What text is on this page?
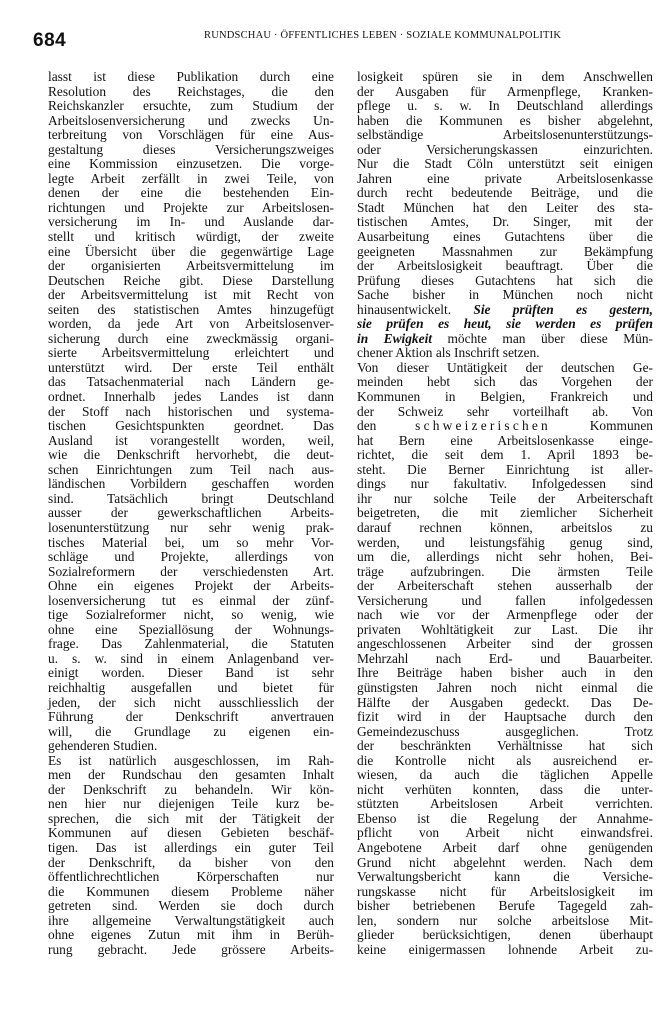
684	RUNDSCHAU · ÖFFENTLICHES LEBEN · SOZIALE KOMMUNALPOLITIK
lasst ist diese Publikation durch eine
Resolution des Reichstages, die den
Reichskanzler ersuchte, zum Studium der
Arbeitslosenversicherung und zwecks Un-
terbreitung von Vorschlägen für eine Aus-
gestaltung dieses Versicherungszweiges
eine Kommission einzusetzen. Die vorge-
legte Arbeit zerfällt in zwei Teile, von
denen der eine die bestehenden Ein-
richtungen und Projekte zur Arbeitslosen-
versicherung im In- und Auslande dar-
stellt und kritisch würdigt, der zweite
eine Übersicht über die gegenwärtige Lage
der organisierten Arbeitsvermittelung im
Deutschen Reiche gibt. Diese Darstellung
der Arbeitsvermittelung ist mit Recht von
seiten des statistischen Amtes hinzugefügt
worden, da jede Art von Arbeitslosenver-
sicherung durch eine zweckmässig organi-
sierte Arbeitsvermittelung erleichtert und
unterstützt wird. Der erste Teil enthält
das Tatsachenmaterial nach Ländern ge-
ordnet. Innerhalb jedes Landes ist dann
der Stoff nach historischen und systema-
tischen Gesichtspunkten geordnet. Das
Ausland ist vorangestellt worden, weil,
wie die Denkschrift hervorhebt, die deut-
schen Einrichtungen zum Teil nach aus-
ländischen Vorbildern geschaffen worden
sind. Tatsächlich bringt Deutschland
ausser der gewerkschaftlichen Arbeits-
losenunterstützung nur sehr wenig prak-
tisches Material bei, um so mehr Vor-
schläge und Projekte, allerdings von
Sozialreformern der verschiedensten Art.
Ohne ein eigenes Projekt der Arbeits-
losenversicherung tut es einmal der zünf-
tige Sozialreformer nicht, so wenig, wie
ohne eine Speziallösung der Wohnungs-
frage. Das Zahlenmaterial, die Statuten
u. s. w. sind in einem Anlagenband ver-
einigt worden. Dieser Band ist sehr
reichhaltig ausgefallen und bietet für
jeden, der sich nicht ausschliesslich der
Führung der Denkschrift anvertrauen
will, die Grundlage zu eigenen ein-
gehenderen Studien.
Es ist natürlich ausgeschlossen, im Rah-
men der Rundschau den gesamten Inhalt
der Denkschrift zu behandeln. Wir kön-
nen hier nur diejenigen Teile kurz be-
sprechen, die sich mit der Tätigkeit der
Kommunen auf diesen Gebieten beschäf-
tigen. Das ist allerdings ein guter Teil
der Denkschrift, da bisher von den
öffentlichrechtlichen Körperschaften nur
die Kommunen diesem Probleme näher
getreten sind. Werden sie doch durch
ihre allgemeine Verwaltungstätigkeit auch
ohne eigenes Zutun mit ihm in Berüh-
rung gebracht. Jede grössere Arbeits-
losigkeit spüren sie in dem Anschwellen
der Ausgaben für Armenpflege, Kranken-
pflege u. s. w. In Deutschland allerdings
haben die Kommunen es bisher abgelehnt,
selbständige Arbeitslosenunterstützungs-
oder Versicherungskassen einzurichten.
Nur die Stadt Cöln unterstützt seit einigen
Jahren eine private Arbeitslosenkasse
durch recht bedeutende Beiträge, und die
Stadt München hat den Leiter des sta-
tistischen Amtes, Dr. Singer, mit der
Ausarbeitung eines Gutachtens über die
geeigneten Massnahmen zur Bekämpfung
der Arbeitslosigkeit beauftragt. Über die
Prüfung dieses Gutachtens hat sich die
Sache bisher in München noch nicht
hinausentwickelt. Sie prüften es gestern,
sie prüfen es heut, sie werden es prüfen
in Ewigkeit möchte man über diese Mün-
chener Aktion als Inschrift setzen.
Von dieser Untätigkeit der deutschen Ge-
meinden hebt sich das Vorgehen der
Kommunen in Belgien, Frankreich und
der Schweiz sehr vorteilhaft ab. Von
den	schweizerischen	Kommunen
hat Bern eine Arbeitslosenkasse einge-
richtet, die seit dem 1. April 1893 be-
steht. Die Berner Einrichtung ist aller-
dings nur fakultativ. Infolgedessen sind
ihr nur solche Teile der Arbeiterschaft
beigetreten, die mit ziemlicher Sicherheit
darauf rechnen können, arbeitslos zu
werden, und leistungsfähig genug sind,
um die, allerdings nicht sehr hohen, Bei-
träge aufzubringen. Die ärmsten Teile
der Arbeiterschaft stehen ausserhalb der
Versicherung und fallen infolgedessen
nach wie vor der Armenpflege oder der
privaten Wohltätigkeit zur Last. Die ihr
angeschlossenen Arbeiter sind der grossen
Mehrzahl nach Erd- und Bauarbeiter.
Ihre Beiträge haben bisher auch in den
günstigsten Jahren noch nicht einmal die
Hälfte der Ausgaben gedeckt. Das De-
fizit wird in der Hauptsache durch den
Gemeindezuschuss ausgeglichen. Trotz
der beschränkten Verhältnisse hat sich
die Kontrolle nicht als ausreichend er-
wiesen, da auch die täglichen Appelle
nicht verhüten konnten, dass die unter-
stützten Arbeitslosen Arbeit verrichten.
Ebenso ist die Regelung der Annahme-
pflicht von Arbeit nicht einwandsfrei.
Angebotene Arbeit darf ohne genügenden
Grund nicht abgelehnt werden. Nach dem
Verwaltungsbericht kann die Versiche-
rungskasse nicht für Arbeitslosigkeit im
bisher betriebenen Berufe Tagegeld zah-
len, sondern nur solche arbeitslose Mit-
glieder berücksichtigen, denen überhaupt
keine einigermassen lohnende Arbeit zu-
